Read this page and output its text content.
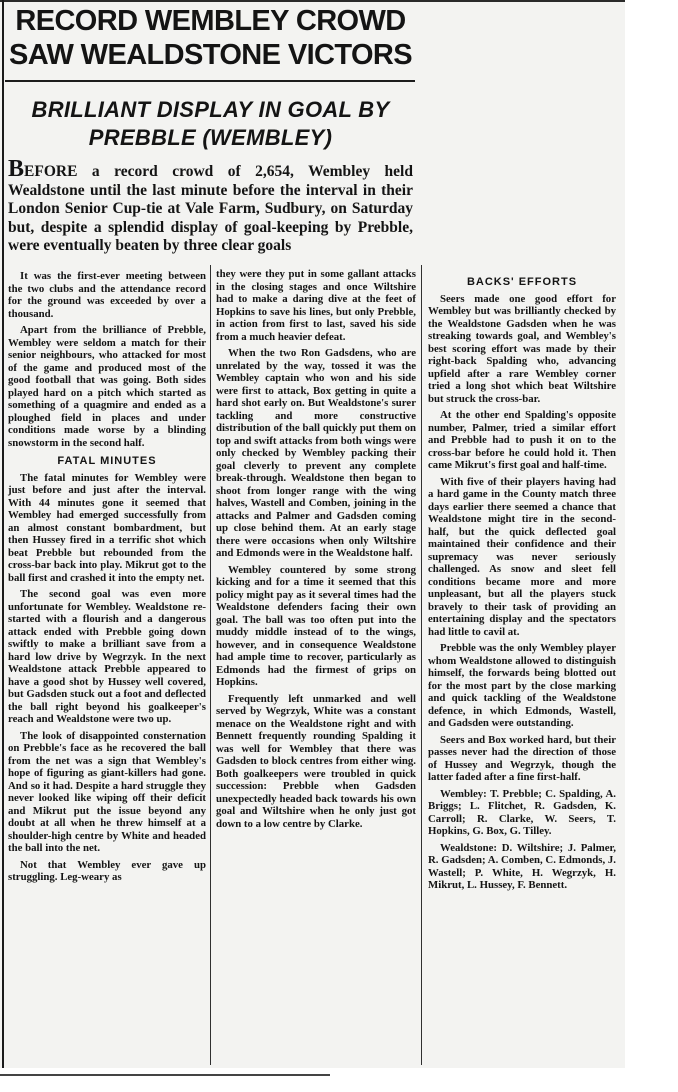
RECORD WEMBLEY CROWD SAW WEALDSTONE VICTORS
BRILLIANT DISPLAY IN GOAL BY PREBBLE (WEMBLEY)
BEFORE a record crowd of 2,654, Wembley held Wealdstone until the last minute before the interval in their London Senior Cup-tie at Vale Farm, Sudbury, on Saturday but, despite a splendid display of goal-keeping by Prebble, were eventually beaten by three clear goals

It was the first-ever meeting between the two clubs and the attendance record for the ground was exceeded by over a thousand.

Apart from the brilliance of Prebble, Wembley were seldom a match for their senior neighbours, who attacked for most of the game and produced most of the good football that was going. Both sides played hard on a pitch which started as something of a quagmire and ended as a ploughed field in places and under conditions made worse by a blinding snowstorm in the second half.

FATAL MINUTES

The fatal minutes for Wembley were just before and just after the interval. With 44 minutes gone it seemed that Wembley had emerged successfully from an almost constant bombardment, but then Hussey fired in a terrific shot which beat Prebble but rebounded from the cross-bar back into play. Mikrut got to the ball first and crashed it into the empty net.

The second goal was even more unfortunate for Wembley. Wealdstone re-started with a flourish and a dangerous attack ended with Prebble going down swiftly to make a brilliant save from a hard low drive by Wegrzyk. In the next Wealdstone attack Prebble appeared to have a good shot by Hussey well covered, but Gadsden stuck out a foot and deflected the ball right beyond his goalkeeper's reach and Wealdstone were two up.

The look of disappointed consternation on Prebble's face as he recovered the ball from the net was a sign that Wembley's hope of figuring as giant-killers had gone. And so it had. Despite a hard struggle they never looked like wiping off their deficit and Mikrut put the issue beyond any doubt at all when he threw himself at a shoulder-high centre by White and headed the ball into the net.

Not that Wembley ever gave up struggling. Leg-weary as

they were they put in some gallant attacks in the closing stages and once Wiltshire had to make a daring dive at the feet of Hopkins to save his lines, but only Prebble, in action from first to last, saved his side from a much heavier defeat.

When the two Ron Gadsdens, who are unrelated by the way, tossed it was the Wembley captain who won and his side were first to attack, Box getting in quite a hard shot early on. But Wealdstone's surer tackling and more constructive distribution of the ball quickly put them on top and swift attacks from both wings were only checked by Wembley packing their goal cleverly to prevent any complete break-through. Wealdstone then began to shoot from longer range with the wing halves, Wastell and Comben, joining in the attacks and Palmer and Gadsden coming up close behind them. At an early stage there were occasions when only Wiltshire and Edmonds were in the Wealdstone half.

Wembley countered by some strong kicking and for a time it seemed that this policy might pay as it several times had the Wealdstone defenders facing their own goal. The ball was too often put into the muddy middle instead of to the wings, however, and in consequence Wealdstone had ample time to recover, particularly as Edmonds had the firmest of grips on Hopkins.

Frequently left unmarked and well served by Wegrzyk, White was a constant menace on the Wealdstone right and with Bennett frequently rounding Spalding it was well for Wembley that there was Gadsden to block centres from either wing. Both goalkeepers were troubled in quick succession: Prebble when Gadsden unexpectedly headed back towards his own goal and Wiltshire when he only just got down to a low centre by Clarke.

BACKS' EFFORTS

Seers made one good effort for Wembley but was brilliantly checked by the Wealdstone Gadsden when he was streaking towards goal, and Wembley's best scoring effort was made by their right-back Spalding who, advancing upfield after a rare Wembley corner tried a long shot which beat Wiltshire but struck the cross-bar.

At the other end Spalding's opposite number, Palmer, tried a similar effort and Prebble had to push it on to the cross-bar before he could hold it. Then came Mikrut's first goal and half-time.

With five of their players having had a hard game in the County match three days earlier there seemed a chance that Wealdstone might tire in the second-half, but the quick deflected goal maintained their confidence and their supremacy was never seriously challenged. As snow and sleet fell conditions became more and more unpleasant, but all the players stuck bravely to their task of providing an entertaining display and the spectators had little to cavil at.

Prebble was the only Wembley player whom Wealdstone allowed to distinguish himself, the forwards being blotted out for the most part by the close marking and quick tackling of the Wealdstone defence, in which Edmonds, Wastell, and Gadsden were outstanding.

Seers and Box worked hard, but their passes never had the direction of those of Hussey and Wegrzyk, though the latter faded after a fine first-half.

Wembley: T. Prebble; C. Spalding, A. Briggs; L. Flitchet, R. Gadsden, K. Carroll; R. Clarke, W. Seers, T. Hopkins, G. Box, G. Tilley.

Wealdstone: D. Wiltshire; J. Palmer, R. Gadsden; A. Comben, C. Edmonds, J. Wastell; P. White, H. Wegrzyk, H. Mikrut, L. Hussey, F. Bennett.
